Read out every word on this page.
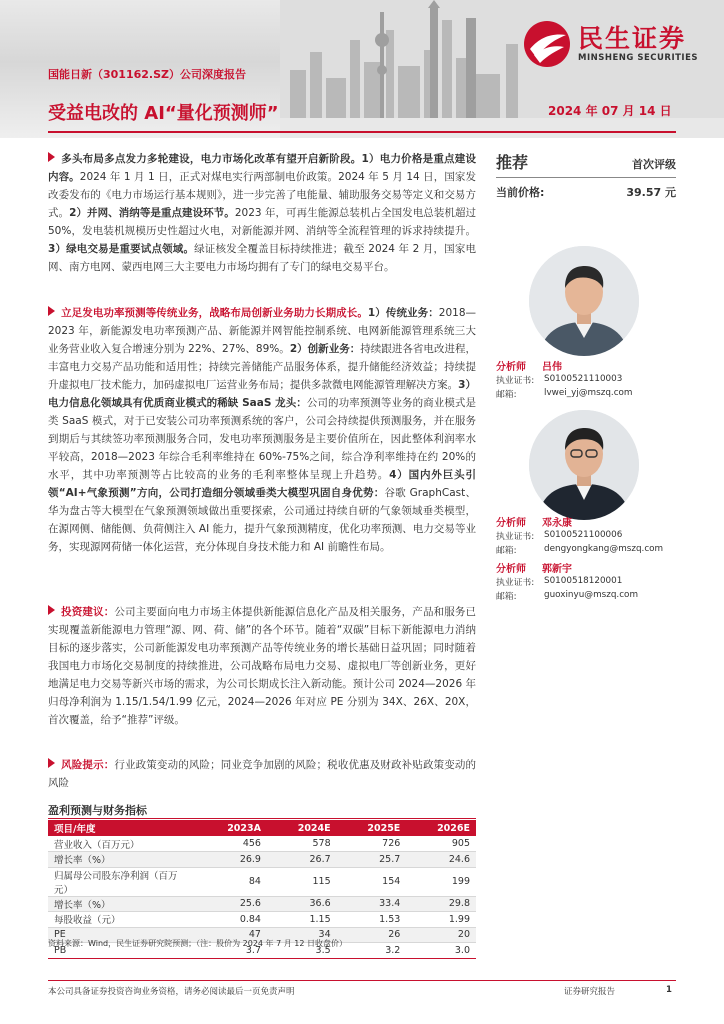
民生证券
MINSHENG SECURITIES
国能日新（301162.SZ）公司深度报告
受益电改的 AI“量化预测师”	2024 年 07 月 14 日
多头布局多点发力多轮建设，电力市场化改革有望开启新阶段。1）电力价格是重点建设内容。2024 年 1 月 1 日，正式对煤电实行两部制电价政策。2024 年 5 月 14 日，国家发改委发布的《电力市场运行基本规则》，进一步完善了电能量、辅助服务交易等定义和交易方式。2）并网、消纳等是重点建设环节。2023 年，可再生能源总装机占全国发电总装机超过 50%，发电装机规模历史性超过火电，对新能源并网、消纳等全流程管理的诉求持续提升。3）绿电交易是重要试点领域。绿证核发全覆盖目标持续推进；截至 2024 年 2 月，国家电网、南方电网、蒙西电网三大主要电力市场均拥有了专门的绿电交易平台。
立足发电功率预测等传统业务，战略布局创新业务助力长期成长。1）传统业务：2018—2023 年，新能源发电功率预测产品、新能源并网智能控制系统、电网新能源管理系统三大业务营业收入复合增速分别为 22%、27%、89%。2）创新业务：持续跟进各省电改进程，丰富电力交易产品功能和适用性；持续完善储能产品服务体系，提升储能经济效益；持续提升虚拟电厂技术能力，加码虚拟电厂运营业务布局；提供多款微电网能源管理解决方案。3）电力信息化领域具有优质商业模式的稀缺 SaaS 龙头：公司的功率预测等业务的商业模式是类 SaaS 模式，对于已安装公司功率预测系统的客户，公司会持续提供预测服务，并在服务到期后与其续签功率预测服务合同，发电功率预测服务是主要价值所在，因此整体利润率水平较高，2018—2023 年综合毛利率维持在 60%-75%之间，综合净利率维持在约 20%的水平，其中功率预测等占比较高的业务的毛利率整体呈现上升趋势。4）国内外巨头引领“AI+气象预测”方向，公司打造细分领域垂类大模型巩固自身优势：谷歌 GraphCast、华为盘古等大模型在气象预测领域做出重要探索，公司通过持续自研的气象领域垂类模型，在源网侧、储能侧、负荷侧注入 AI 能力，提升气象预测精度，优化功率预测、电力交易等业务，实现源网荷储一体化运营，充分体现自身技术能力和 AI 前瞻性布局。
投资建议：公司主要面向电力市场主体提供新能源信息化产品及相关服务，产品和服务已实现覆盖新能源电力管理“源、网、荷、储”的各个环节。随着“双碳”目标下新能源电力消纳目标的逐步落实，公司新能源发电功率预测产品等传统业务的增长基础日益巩固；同时随着我国电力市场化交易制度的持续推进，公司战略布局电力交易、虚拟电厂等创新业务，更好地满足电力交易等新兴市场的需求，为公司长期成长注入新动能。预计公司 2024—2026 年归母净利润为 1.15/1.54/1.99 亿元，2024—2026 年对应 PE 分别为 34X、26X、20X，首次覆盖，给予“推荐”评级。
风险提示：行业政策变动的风险；同业竞争加剧的风险；税收优惠及财政补贴政策变动的风险
推荐	首次评级
当前价格:	39.57 元
分析师	吕伟
执业证书:	S0100521110003
邮箱:	lvwei_yj@mszq.com
分析师	邓永康
执业证书:	S0100521100006
邮箱:	dengyongkang@mszq.com
分析师	郭新宇
执业证书:	S0100518120001
邮箱:	guoxinyu@mszq.com
盈利预测与财务指标
项目/年度	2023A	2024E	2025E	2026E
营业收入（百万元）	456	578	726	905
增长率（%）	26.9	26.7	25.7	24.6
归属母公司股东净利润（百万元）	84	115	154	199
增长率（%）	25.6	36.6	33.4	29.8
每股收益（元）	0.84	1.15	1.53	1.99
PE	47	34	26	20
PB	3.7	3.5	3.2	3.0
资料来源：Wind，民生证券研究院预测；（注：股价为 2024 年 7 月 12 日收盘价）
本公司具备证券投资咨询业务资格，请务必阅读最后一页免责声明	证券研究报告	1
